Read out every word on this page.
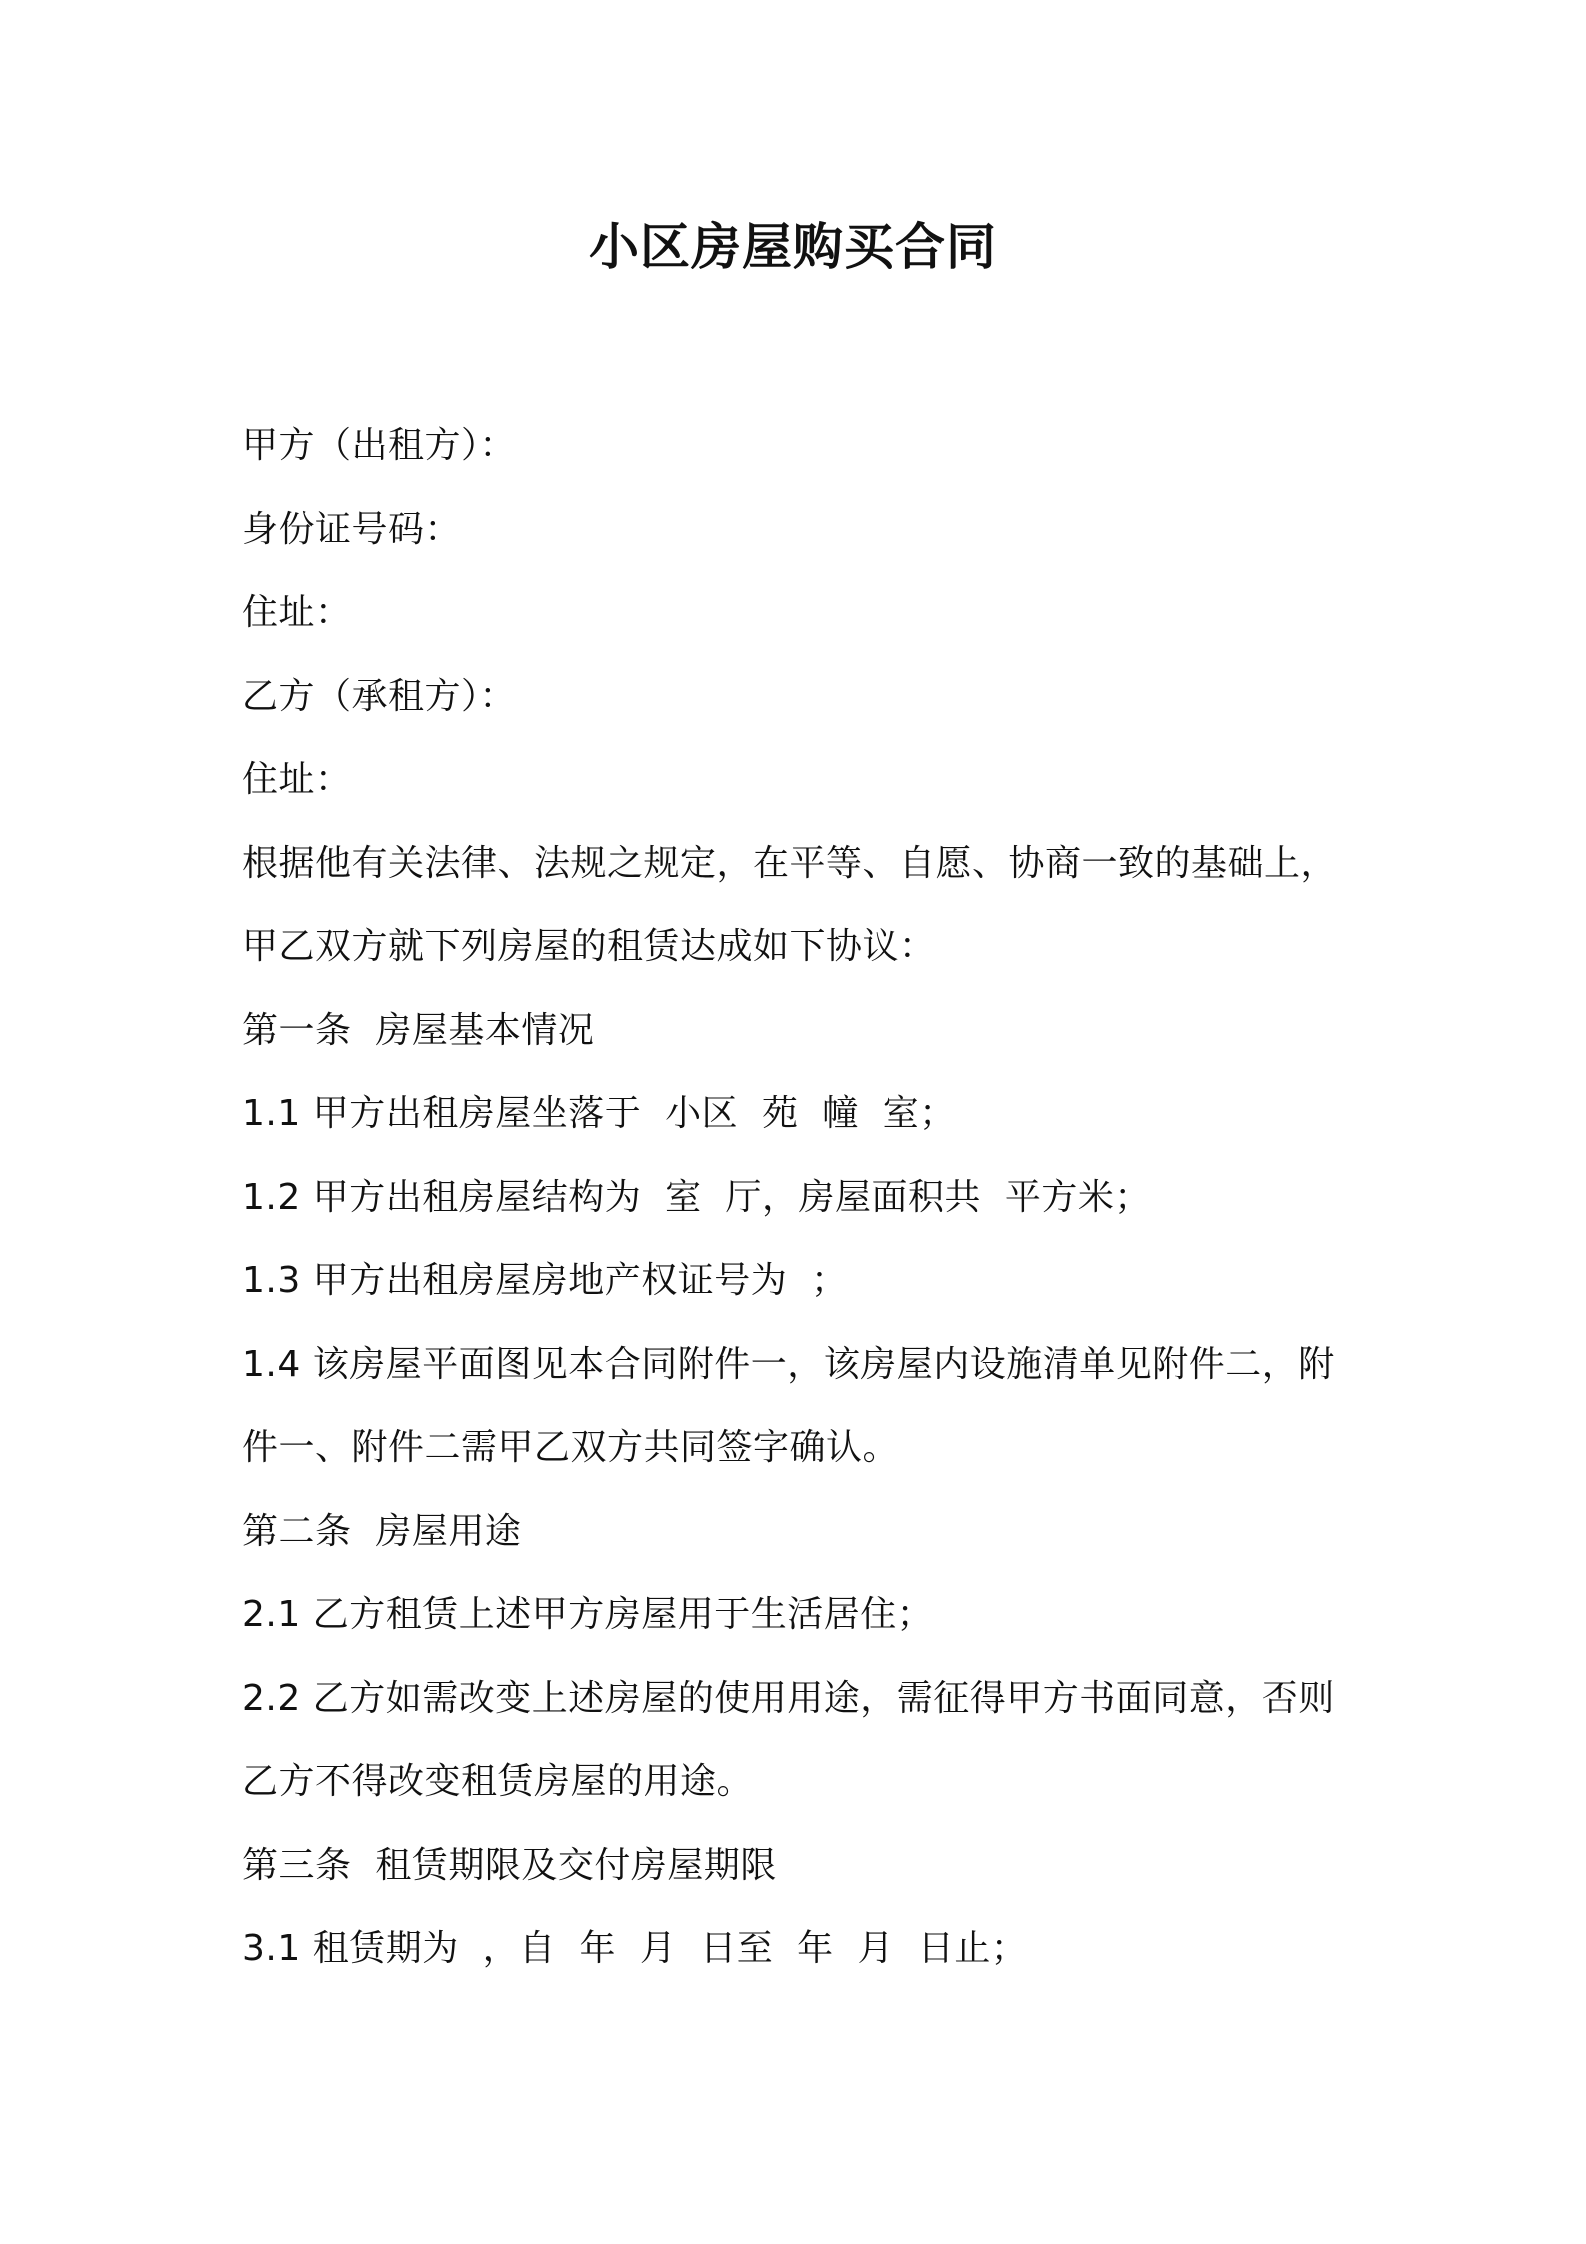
小区房屋购买合同
甲方（出租方）：
身份证号码：
住址：
乙方（承租方）：
住址：
根据他有关法律、法规之规定，在平等、自愿、协商一致的基础上，
甲乙双方就下列房屋的租赁达成如下协议：
第一条  房屋基本情况
1.1 甲方出租房屋坐落于  小区  苑  幢  室；
1.2 甲方出租房屋结构为  室  厅，房屋面积共  平方米；
1.3 甲方出租房屋房地产权证号为  ；
1.4 该房屋平面图见本合同附件一，该房屋内设施清单见附件二，附
件一、附件二需甲乙双方共同签字确认。
第二条  房屋用途
2.1 乙方租赁上述甲方房屋用于生活居住；
2.2 乙方如需改变上述房屋的使用用途，需征得甲方书面同意，否则
乙方不得改变租赁房屋的用途。
第三条  租赁期限及交付房屋期限
3.1 租赁期为  ，自  年  月  日至  年  月  日止；
